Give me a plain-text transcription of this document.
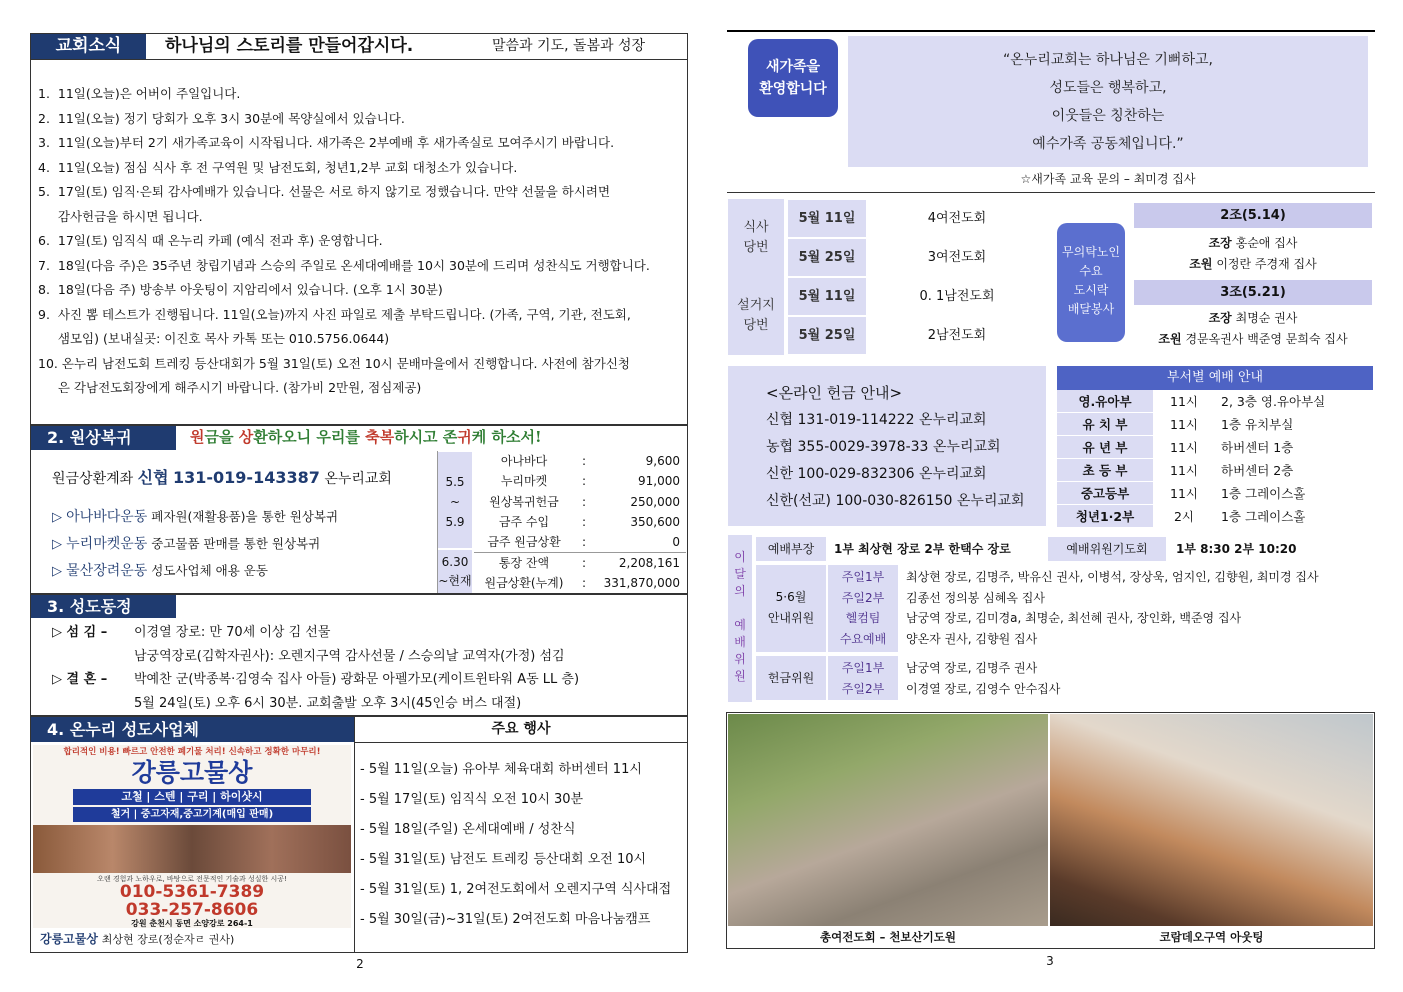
교회소식	하나님의 스토리를 만들어갑시다.	말씀과 기도, 돌봄과 성장
1.  11일(오늘)은 어버이 주일입니다.
2.  11일(오늘) 정기 당회가 오후 3시 30분에 목양실에서 있습니다.
3.  11일(오늘)부터 2기 새가족교육이 시작됩니다. 새가족은 2부예배 후 새가족실로 모여주시기 바랍니다.
4.  11일(오늘) 점심 식사 후 전 구역원 및 남전도회, 청년1,2부 교회 대청소가 있습니다.
5.  17일(토) 임직·은퇴 감사예배가 있습니다. 선물은 서로 하지 않기로 정했습니다. 만약 선물을 하시려면
감사헌금을 하시면 됩니다.
6.  17일(토) 임직식 때 온누리 카페 (예식 전과 후) 운영합니다.
7.  18일(다음 주)은 35주년 창립기념과 스승의 주일로 온세대예배를 10시 30분에 드리며 성찬식도 거행합니다.
8.  18일(다음 주) 방송부 아웃팅이 지암리에서 있습니다. (오후 1시 30분)
9.  사진 뽐 테스트가 진행됩니다. 11일(오늘)까지 사진 파일로 제출 부탁드립니다. (가족, 구역, 기관, 전도회,
샘모임) (보내실곳: 이진호 목사 카톡 또는 010.5756.0644)
10. 온누리 남전도회 트레킹 등산대회가 5월 31일(토) 오전 10시 문배마을에서 진행합니다. 사전에 참가신청
은 각남전도회장에게 해주시기 바랍니다. (참가비 2만원, 점심제공)
2. 원상복귀	원금을 상환하오니 우리를 축복하시고 존귀케 하소서!
원금상환계좌 신협 131-019-143387 온누리교회
▷ 아나바다운동 폐자원(재활용품)을 통한 원상복귀
▷ 누리마켓운동 중고물품 판매를 통한 원상복귀
▷ 물산장려운동 성도사업체 애용 운동
5.5
~
5.9
6.30
~현재
아나바다	:	9,600
누리마켓	:	91,000
원상복귀헌금	:	250,000
금주 수입	:	350,600
금주 원금상환	:	0
통장 잔액	:	2,208,161
원금상환(누계)	:	331,870,000
3. 성도동정
▷ 섬 김 –	이경열 장로: 만 70세 이상 김 선물
남궁역장로(김학자권사): 오렌지구역 감사선물 / 스승의날 교역자(가정) 섬김
▷ 결 혼 –	박예찬 군(박종복·김영숙 집사 아들) 광화문 아펠가모(케이트윈타워 A동 LL 층)
5월 24일(토) 오후 6시 30분. 교회출발 오후 3시(45인승 버스 대절)
4. 온누리 성도사업체	주요 행사
- 5월 11일(오늘) 유아부 체육대회 하버센터 11시
- 5월 17일(토) 임직식 오전 10시 30분
- 5월 18일(주일) 온세대예배 / 성찬식
- 5월 31일(토) 남전도 트레킹 등산대회 오전 10시
- 5월 31일(토) 1, 2여전도회에서 오렌지구역 식사대접
- 5월 30일(금)~31일(토) 2여전도회 마음나눔캠프
합리적인 비용! 빠르고 안전한 폐기물 처리! 신속하고 정확한 마무리!
강릉고물상
고철 | 스텐 | 구리 | 하이샷시
철거 | 중고자재,중고기계(매입 판매)
오랜 경험과 노하우로, 바탕으로 전문적인 기술과 성실한 시공!
010-5361-7389
033-257-8606
강원 춘천시 동면 소양강로 264-1
강릉고물상 최상현 장로(정순자ㄹ 권사)
2
새가족을
환영합니다
“온누리교회는 하나님은 기뻐하고,
성도들은 행복하고,
이웃들은 칭찬하는
예수가족 공동체입니다.”
☆새가족 교육 문의 – 최미경 집사
식사
당번
설거지
당번
5월 11일	4여전도회
5월 25일	3여전도회
5월 11일	0. 1남전도회
5월 25일	2남전도회
무의탁노인
수요
도시락
배달봉사
2조(5.14)
조장 홍순애 집사
조원 이정란 주경재 집사
3조(5.21)
조장 최명순 권사
조원 경문옥권사 백준영 문희숙 집사
<온라인 헌금 안내>
신협 131-019-114222 온누리교회
농협 355-0029-3978-33 온누리교회
신한 100-029-832306 온누리교회
신한(선교) 100-030-826150 온누리교회
부서별 예배 안내
영.유아부	11시	2, 3층 영.유아부실
유 치 부	11시	1층 유치부실
유 년 부	11시	하버센터 1층
초 등 부	11시	하버센터 2층
중고등부	11시	1층 그레이스홀
청년1·2부	2시	1층 그레이스홀
이
달
의
예
배
위
원
예배부장	1부 최상현 장로 2부 한택수 장로	예배위원기도회	1부 8:30 2부 10:20
5·6월
안내위원
주일1부	최상현 장로, 김명주, 박유신 권사, 이병석, 장상욱, 엄지인, 김향원, 최미경 집사
주일2부	김종선 정의봉 심혜옥 집사
헬컴팀	남궁역 장로, 김미경a, 최명순, 최선혜 권사, 장인화, 백준영 집사
수요예배	양온자 권사, 김향원 집사
헌금위원
주일1부	남궁역 장로, 김명주 권사
주일2부	이경열 장로, 김영수 안수집사
총여전도회 – 천보산기도원	코람데오구역 아웃팅
3
